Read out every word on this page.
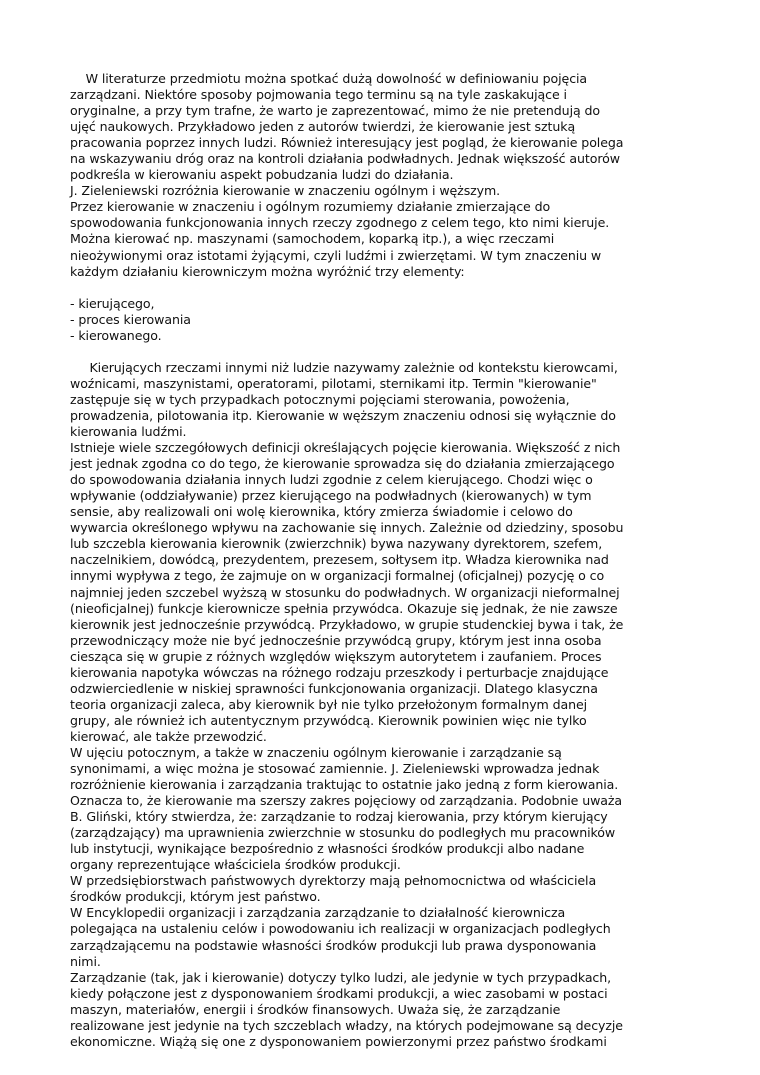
W literaturze przedmiotu można spotkać dużą dowolność w definiowaniu pojęcia
zarządzani. Niektóre sposoby pojmowania tego terminu są na tyle zaskakujące i
oryginalne, a przy tym trafne, że warto je zaprezentować, mimo że nie pretendują do
ujęć naukowych. Przykładowo jeden z autorów twierdzi, że kierowanie jest sztuką
pracowania poprzez innych ludzi. Również interesujący jest pogląd, że kierowanie polega
na wskazywaniu dróg oraz na kontroli działania podwładnych. Jednak większość autorów
podkreśla w kierowaniu aspekt pobudzania ludzi do działania.
J. Zieleniewski rozróżnia kierowanie w znaczeniu ogólnym i węższym.
Przez kierowanie w znaczeniu i ogólnym rozumiemy działanie zmierzające do
spowodowania funkcjonowania innych rzeczy zgodnego z celem tego, kto nimi kieruje.
Można kierować np. maszynami (samochodem, koparką itp.), a więc rzeczami
nieożywionymi oraz istotami żyjącymi, czyli ludźmi i zwierzętami. W tym znaczeniu w
każdym działaniu kierowniczym można wyróżnić trzy elementy:
- kierującego,
- proces kierowania
- kierowanego.
Kierujących rzeczami innymi niż ludzie nazywamy zależnie od kontekstu kierowcami,
woźnicami, maszynistami, operatorami, pilotami, sternikami itp. Termin "kierowanie"
zastępuje się w tych przypadkach potocznymi pojęciami sterowania, powożenia,
prowadzenia, pilotowania itp. Kierowanie w węższym znaczeniu odnosi się wyłącznie do
kierowania ludźmi.
Istnieje wiele szczegółowych definicji określających pojęcie kierowania. Większość z nich
jest jednak zgodna co do tego, że kierowanie sprowadza się do działania zmierzającego
do spowodowania działania innych ludzi zgodnie z celem kierującego. Chodzi więc o
wpływanie (oddziaływanie) przez kierującego na podwładnych (kierowanych) w tym
sensie, aby realizowali oni wolę kierownika, który zmierza świadomie i celowo do
wywarcia określonego wpływu na zachowanie się innych. Zależnie od dziedziny, sposobu
lub szczebla kierowania kierownik (zwierzchnik) bywa nazywany dyrektorem, szefem,
naczelnikiem, dowódcą, prezydentem, prezesem, sołtysem itp. Władza kierownika nad
innymi wypływa z tego, że zajmuje on w organizacji formalnej (oficjalnej) pozycję o co
najmniej jeden szczebel wyższą w stosunku do podwładnych. W organizacji nieformalnej
(nieoficjalnej) funkcje kierownicze spełnia przywódca. Okazuje się jednak, że nie zawsze
kierownik jest jednocześnie przywódcą. Przykładowo, w grupie studenckiej bywa i tak, że
przewodniczący może nie być jednocześnie przywódcą grupy, którym jest inna osoba
ciesząca się w grupie z różnych względów większym autorytetem i zaufaniem. Proces
kierowania napotyka wówczas na różnego rodzaju przeszkody i perturbacje znajdujące
odzwierciedlenie w niskiej sprawności funkcjonowania organizacji. Dlatego klasyczna
teoria organizacji zaleca, aby kierownik był nie tylko przełożonym formalnym danej
grupy, ale również ich autentycznym przywódcą. Kierownik powinien więc nie tylko
kierować, ale także przewodzić.
W ujęciu potocznym, a także w znaczeniu ogólnym kierowanie i zarządzanie są
synonimami, a więc można je stosować zamiennie. J. Zieleniewski wprowadza jednak
rozróżnienie kierowania i zarządzania traktując to ostatnie jako jedną z form kierowania.
Oznacza to, że kierowanie ma szerszy zakres pojęciowy od zarządzania. Podobnie uważa
B. Gliński, który stwierdza, że: zarządzanie to rodzaj kierowania, przy którym kierujący
(zarządzający) ma uprawnienia zwierzchnie w stosunku do podległych mu pracowników
lub instytucji, wynikające bezpośrednio z własności środków produkcji albo nadane
organy reprezentujące właściciela środków produkcji.
W przedsiębiorstwach państwowych dyrektorzy mają pełnomocnictwa od właściciela
środków produkcji, którym jest państwo.
W Encyklopedii organizacji i zarządzania zarządzanie to działalność kierownicza
polegająca na ustaleniu celów i powodowaniu ich realizacji w organizacjach podległych
zarządzającemu na podstawie własności środków produkcji lub prawa dysponowania
nimi.
Zarządzanie (tak, jak i kierowanie) dotyczy tylko ludzi, ale jedynie w tych przypadkach,
kiedy połączone jest z dysponowaniem środkami produkcji, a wiec zasobami w postaci
maszyn, materiałów, energii i środków finansowych. Uważa się, że zarządzanie
realizowane jest jedynie na tych szczeblach władzy, na których podejmowane są decyzje
ekonomiczne. Wiążą się one z dysponowaniem powierzonymi przez państwo środkami
